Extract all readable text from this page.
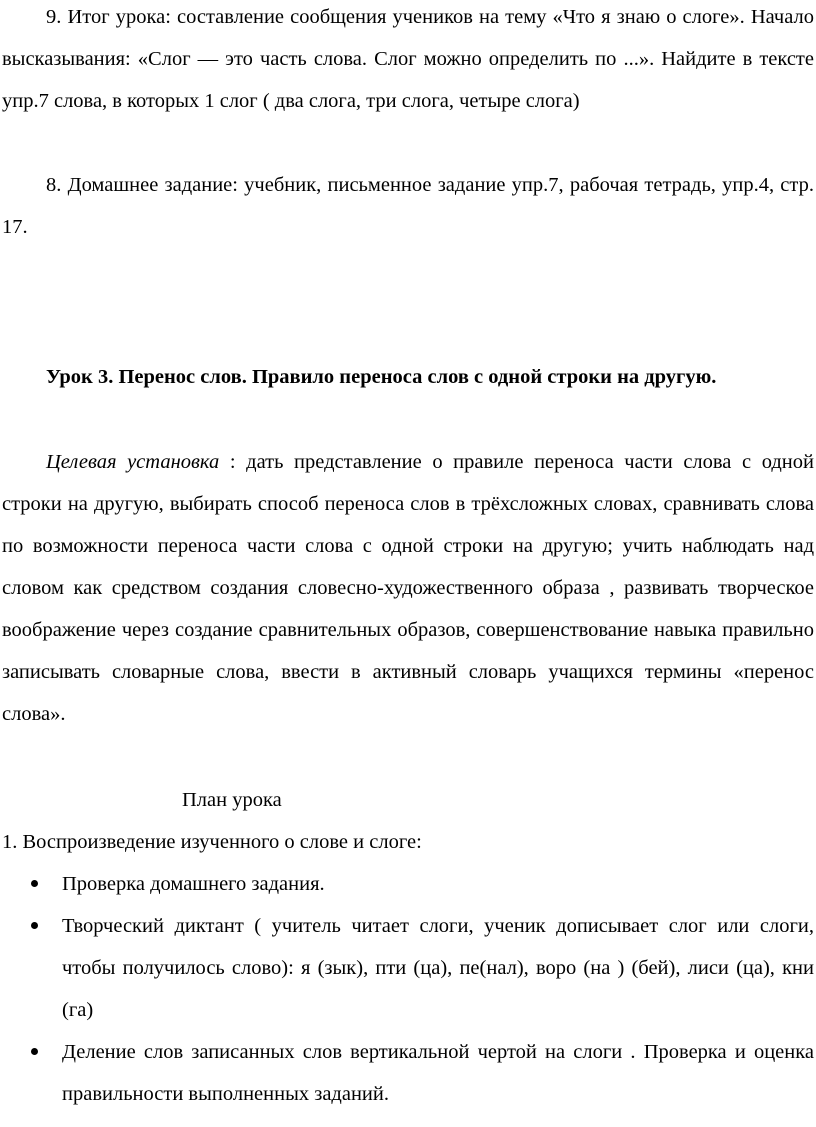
9. Итог урока: составление сообщения учеников на тему «Что я знаю о слоге». Начало высказывания: «Слог — это часть слова. Слог можно определить по ...». Найдите в тексте упр.7 слова, в которых 1 слог ( два слога, три слога, четыре слога)

8. Домашнее задание: учебник, письменное задание упр.7, рабочая тетрадь, упр.4, стр. 17.

Урок 3. Перенос слов. Правило переноса слов с одной строки на другую.

Целевая установка : дать представление о правиле переноса части слова с одной строки на другую, выбирать способ переноса слов в трёхсложных словах, сравнивать слова по возможности переноса части слова с одной строки на другую; учить наблюдать над словом как средством создания словесно-художественного образа , развивать творческое воображение через создание сравнительных образов, совершенствование навыка правильно записывать словарные слова, ввести в активный словарь учащихся термины «перенос слова».

План урока

1. Воспроизведение изученного о слове и слоге:

Проверка домашнего задания.
Творческий диктант ( учитель читает слоги, ученик дописывает слог или слоги, чтобы получилось слово): я (зык), пти (ца), пе(нал), воро (на ) (бей), лиси (ца), кни (га)
Деление слов записанных слов вертикальной чертой на слоги . Проверка и оценка правильности выполненных заданий.
